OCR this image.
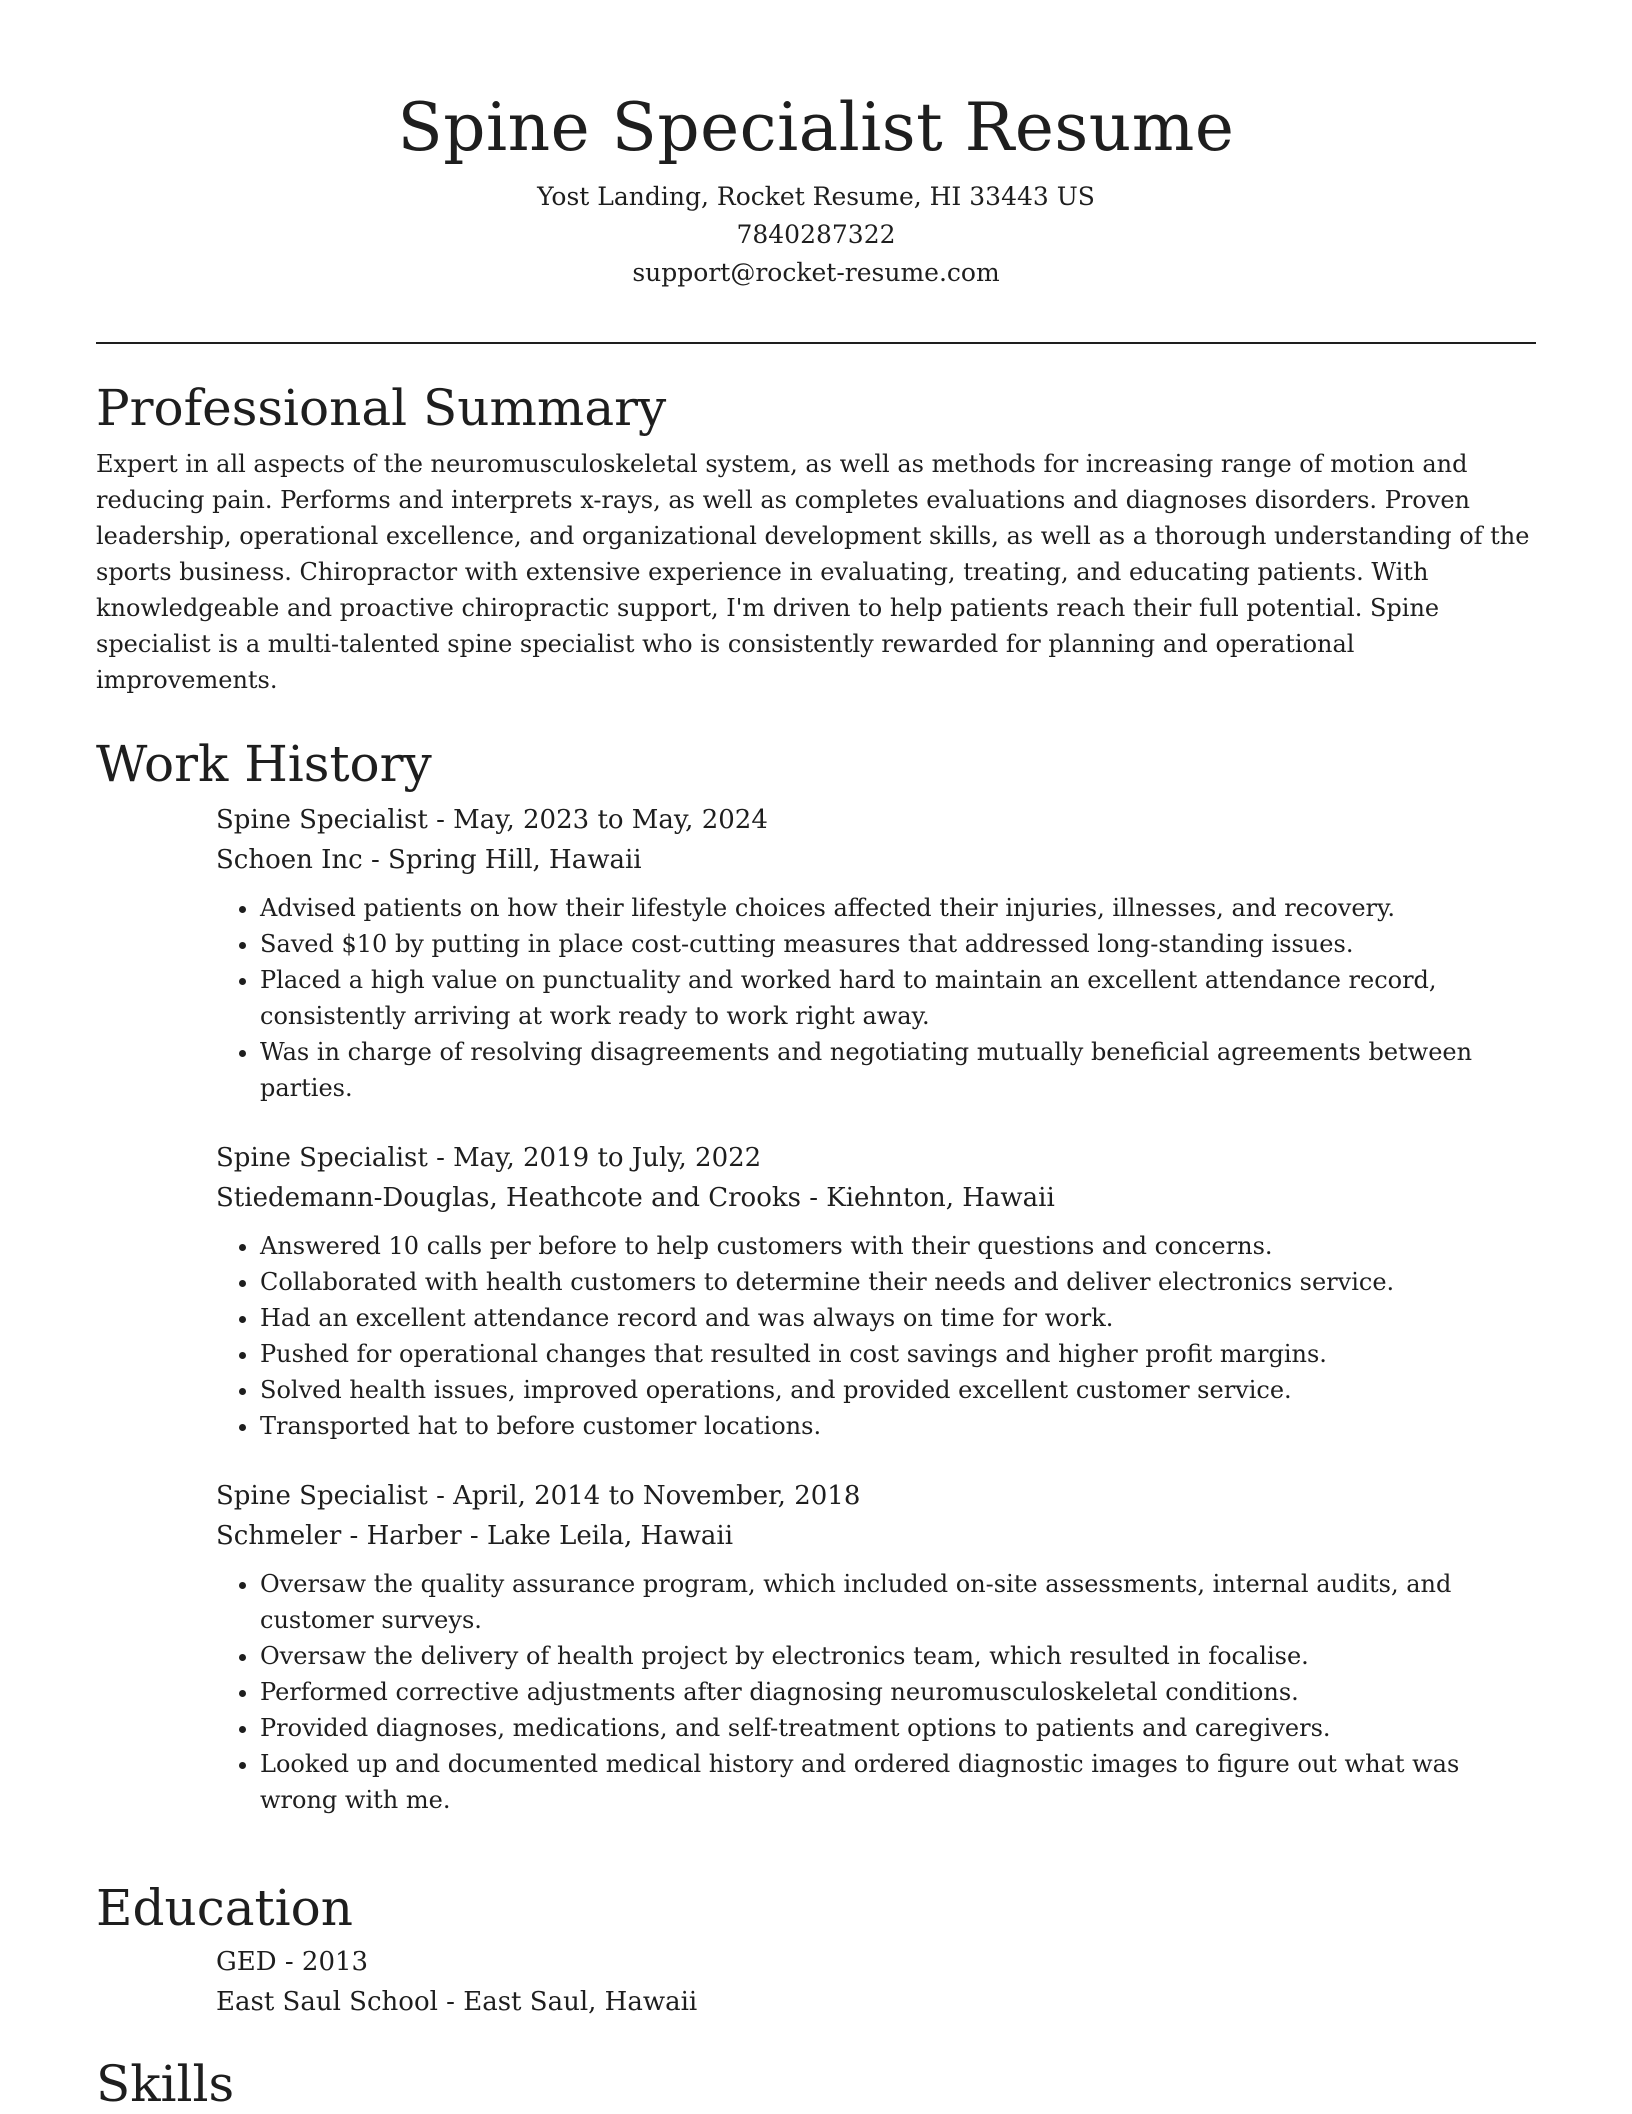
Spine Specialist Resume
Yost Landing, Rocket Resume, HI 33443 US
7840287322
support@rocket-resume.com
Professional Summary

Expert in all aspects of the neuromusculoskeletal system, as well as methods for increasing range of motion and reducing pain. Performs and interprets x-rays, as well as completes evaluations and diagnoses disorders. Proven leadership, operational excellence, and organizational development skills, as well as a thorough understanding of the sports business. Chiropractor with extensive experience in evaluating, treating, and educating patients. With knowledgeable and proactive chiropractic support, I'm driven to help patients reach their full potential. Spine specialist is a multi-talented spine specialist who is consistently rewarded for planning and operational improvements.

Work History
Spine Specialist - May, 2023 to May, 2024
Schoen Inc - Spring Hill, Hawaii
• Advised patients on how their lifestyle choices affected their injuries, illnesses, and recovery.
• Saved $10 by putting in place cost-cutting measures that addressed long-standing issues.
• Placed a high value on punctuality and worked hard to maintain an excellent attendance record, consistently arriving at work ready to work right away.
• Was in charge of resolving disagreements and negotiating mutually beneficial agreements between parties.
Spine Specialist - May, 2019 to July, 2022
Stiedemann-Douglas, Heathcote and Crooks - Kiehnton, Hawaii
• Answered 10 calls per before to help customers with their questions and concerns.
• Collaborated with health customers to determine their needs and deliver electronics service.
• Had an excellent attendance record and was always on time for work.
• Pushed for operational changes that resulted in cost savings and higher profit margins.
• Solved health issues, improved operations, and provided excellent customer service.
• Transported hat to before customer locations.
Spine Specialist - April, 2014 to November, 2018
Schmeler - Harber - Lake Leila, Hawaii
• Oversaw the quality assurance program, which included on-site assessments, internal audits, and customer surveys.
• Oversaw the delivery of health project by electronics team, which resulted in focalise.
• Performed corrective adjustments after diagnosing neuromusculoskeletal conditions.
• Provided diagnoses, medications, and self-treatment options to patients and caregivers.
• Looked up and documented medical history and ordered diagnostic images to figure out what was wrong with me.
Education
GED - 2013
East Saul School - East Saul, Hawaii
Skills
